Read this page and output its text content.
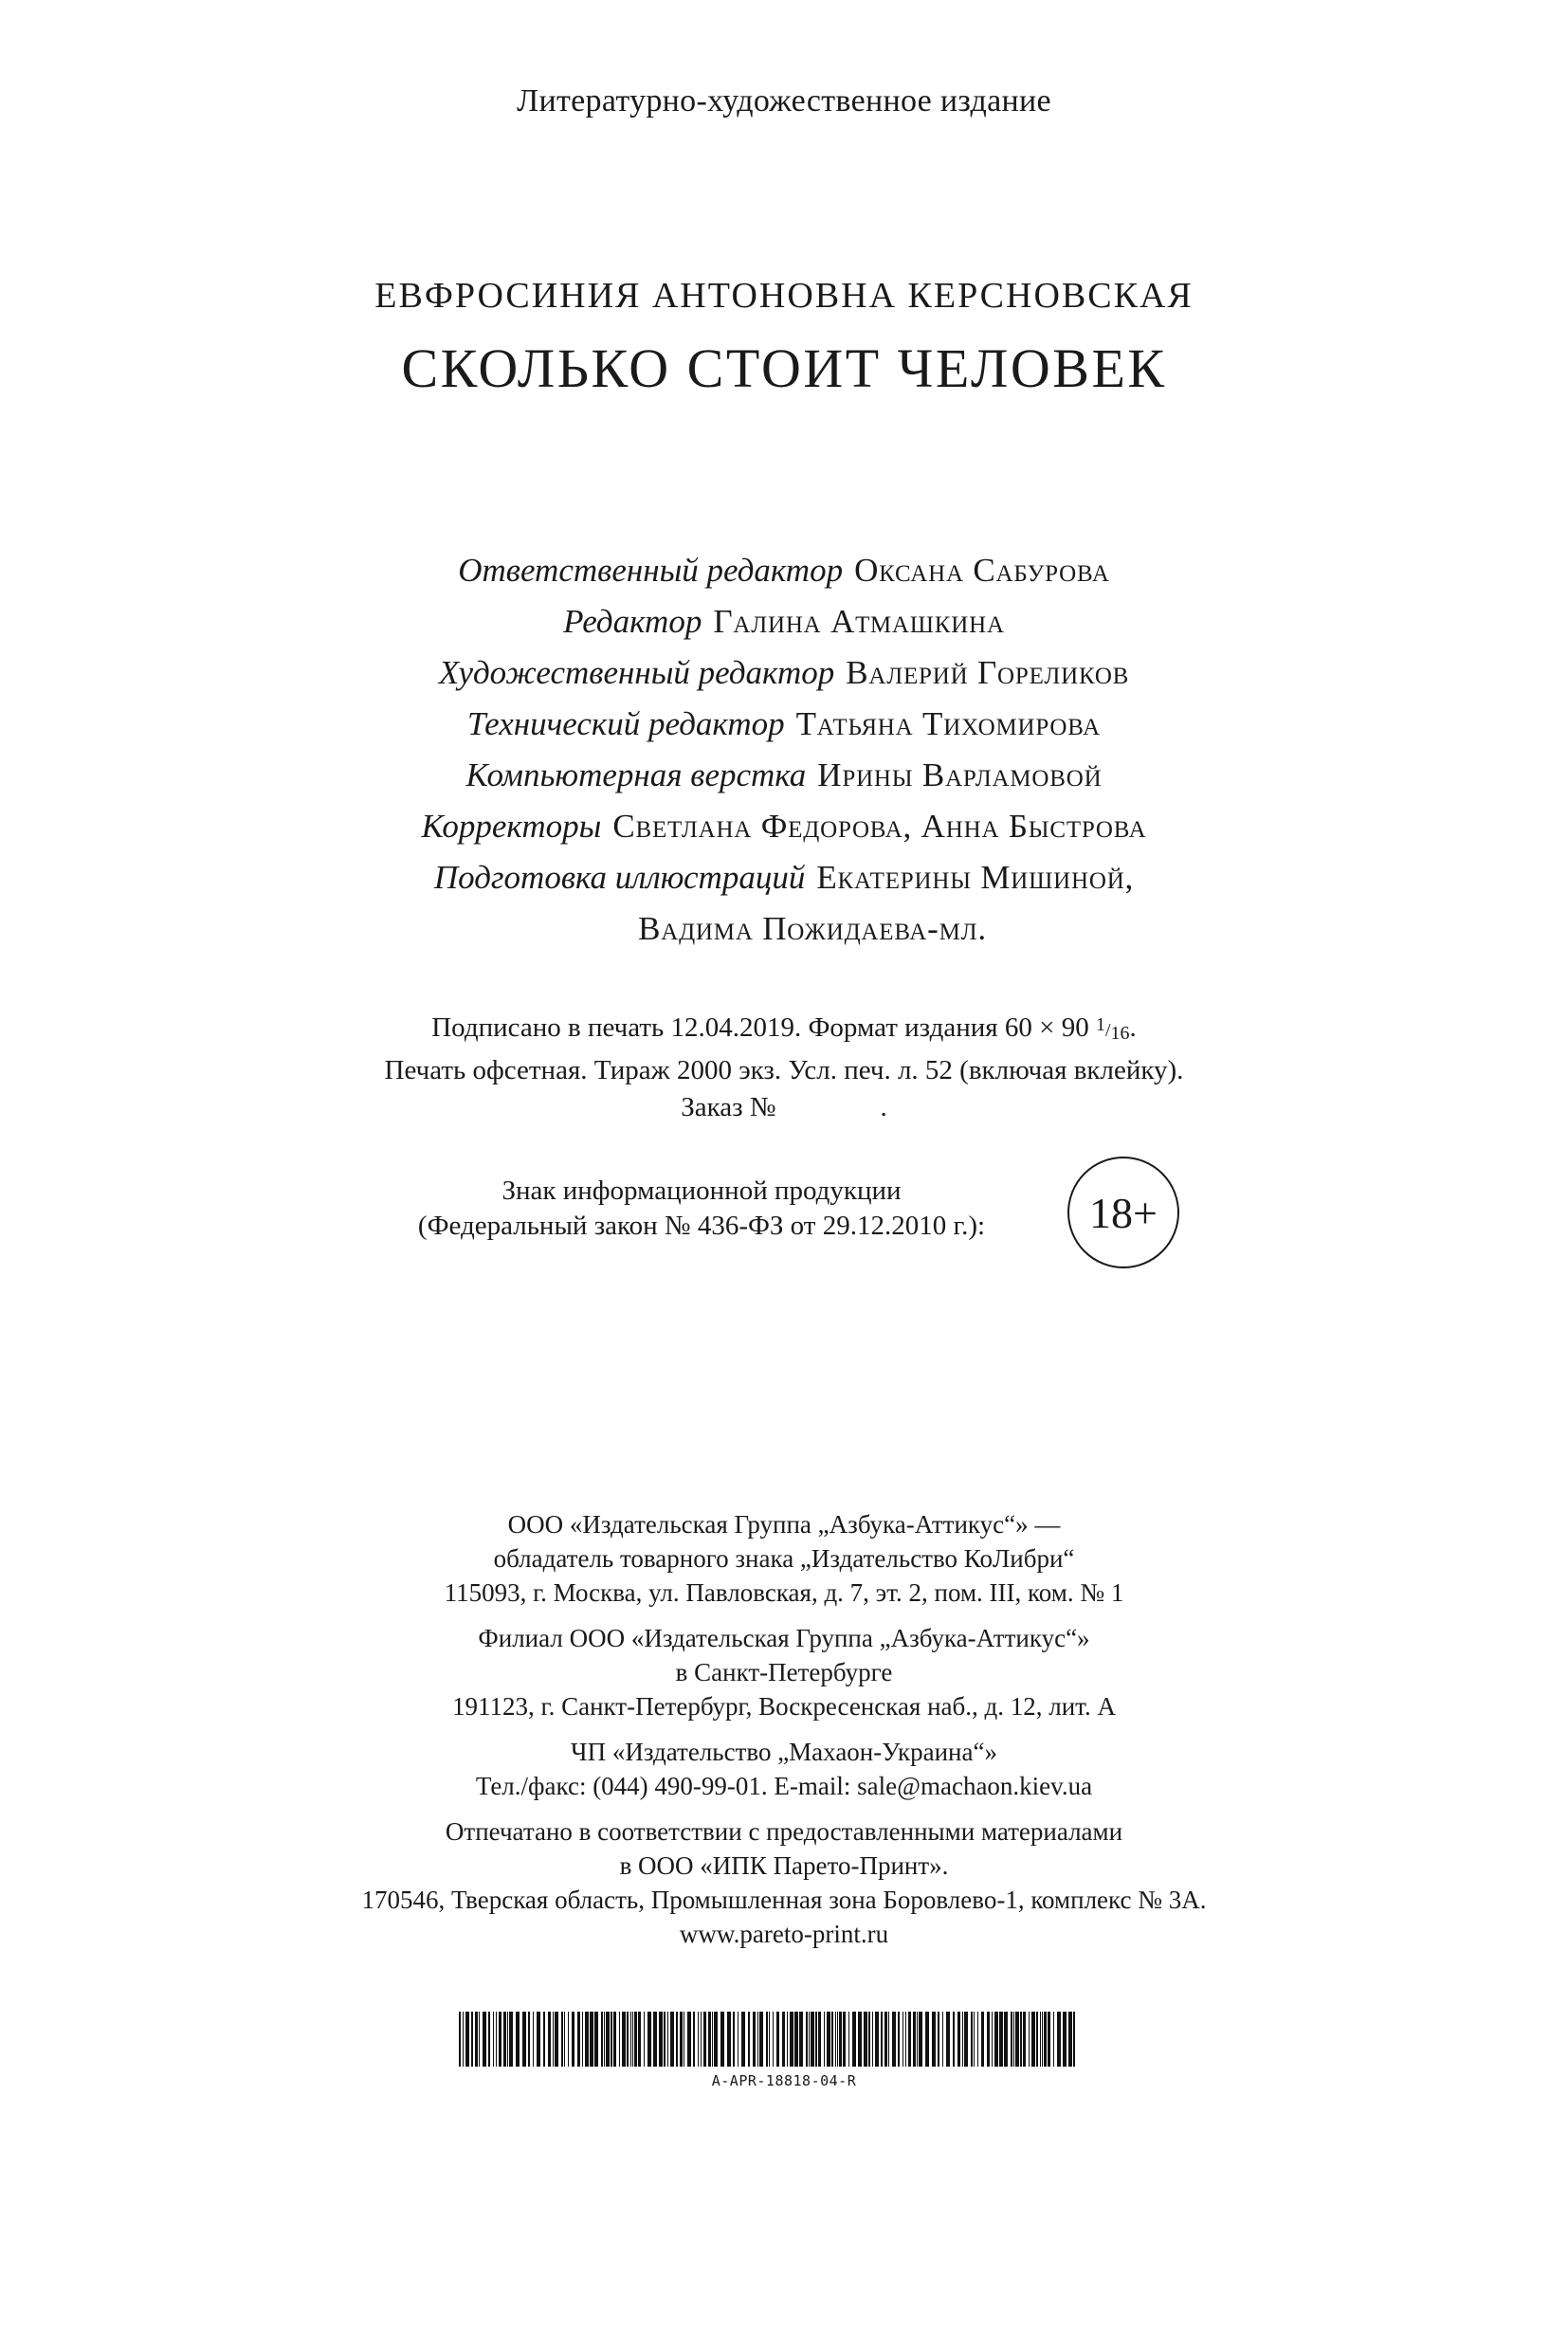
Литературно-художественное издание
ЕВФРОСИНИЯ АНТОНОВНА КЕРСНОВСКАЯ
СКОЛЬКО СТОИТ ЧЕЛОВЕК
Ответственный редактор Оксана Сабурова
Редактор Галина Атмашкина
Художественный редактор Валерий Гореликов
Технический редактор Татьяна Тихомирова
Компьютерная верстка Ирины Варламовой
Корректоры Светлана Федорова, Анна Быстрова
Подготовка иллюстраций Екатерины Мишиной,
Вадима Пожидаева-мл.
Подписано в печать 12.04.2019. Формат издания 60 × 90 1/16.
Печать офсетная. Тираж 2000 экз. Усл. печ. л. 52 (включая вклейку).
Заказ №	.
Знак информационной продукции
(Федеральный закон № 436-ФЗ от 29.12.2010 г.):	18+
ООО «Издательская Группа „Азбука-Аттикус“» —
обладатель товарного знака „Издательство КоЛибри“
115093, г. Москва, ул. Павловская, д. 7, эт. 2, пом. III, ком. № 1
Филиал ООО «Издательская Группа „Азбука-Аттикус“»
в Санкт-Петербурге
191123, г. Санкт-Петербург, Воскресенская наб., д. 12, лит. А
ЧП «Издательство „Махаон-Украина“»
Тел./факс: (044) 490-99-01. E-mail: sale@machaon.kiev.ua
Отпечатано в соответствии с предоставленными материалами
в ООО «ИПК Парето-Принт».
170546, Тверская область, Промышленная зона Боровлево-1, комплекс № 3А.
www.pareto-print.ru
A-APR-18818-04-R
